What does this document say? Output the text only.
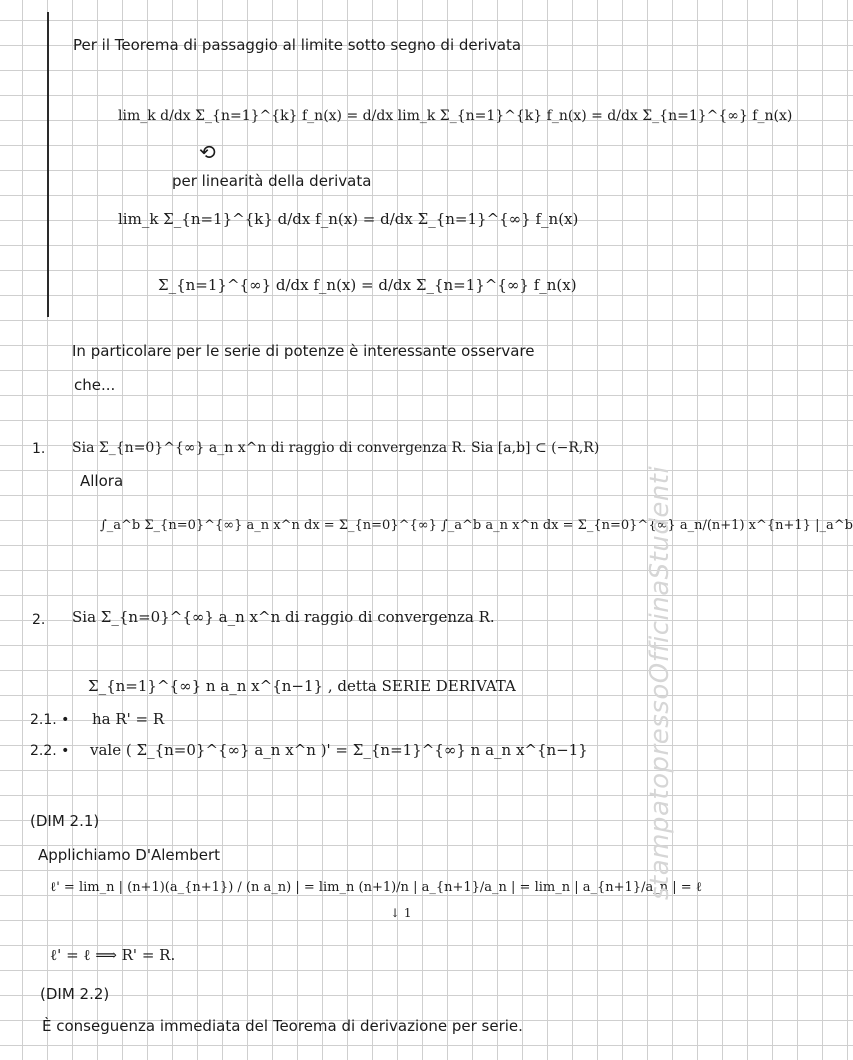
Per il Teorema di passaggio al limite sotto segno di derivata
lim_k d/dx Σ_{n=1}^{k} f_n(x) = d/dx lim_k Σ_{n=1}^{k} f_n(x) = d/dx Σ_{n=1}^{∞} f_n(x)
⟲
per linearità della derivata
lim_k Σ_{n=1}^{k} d/dx f_n(x) = d/dx Σ_{n=1}^{∞} f_n(x)
Σ_{n=1}^{∞} d/dx f_n(x) = d/dx Σ_{n=1}^{∞} f_n(x)
In particolare per le serie di potenze è interessante osservare
che...
1. Sia Σ_{n=0}^{∞} a_n x^n di raggio di convergenza R. Sia [a,b] ⊂ (−R,R)
Allora
∫_a^b Σ_{n=0}^{∞} a_n x^n dx = Σ_{n=0}^{∞} ∫_a^b a_n x^n dx = Σ_{n=0}^{∞} a_n/(n+1) x^{n+1} |_a^b
2. Sia Σ_{n=0}^{∞} a_n x^n di raggio di convergenza R.
Σ_{n=1}^{∞} n a_n x^{n−1} , detta SERIE DERIVATA
2.1. • ha R' = R
2.2. • vale ( Σ_{n=0}^{∞} a_n x^n )' = Σ_{n=1}^{∞} n a_n x^{n−1}
(DIM 2.1)
Applichiamo D'Alembert
ℓ' = lim_n | (n+1)(a_{n+1}) / (n a_n) | = lim_n (n+1)/n | a_{n+1}/a_n | = lim_n | a_{n+1}/a_n | = ℓ
↓ 1
ℓ' = ℓ ⟹ R' = R.
(DIM 2.2)
È conseguenza immediata del Teorema di derivazione per serie.
stampatopressoOfficinaStudenti
